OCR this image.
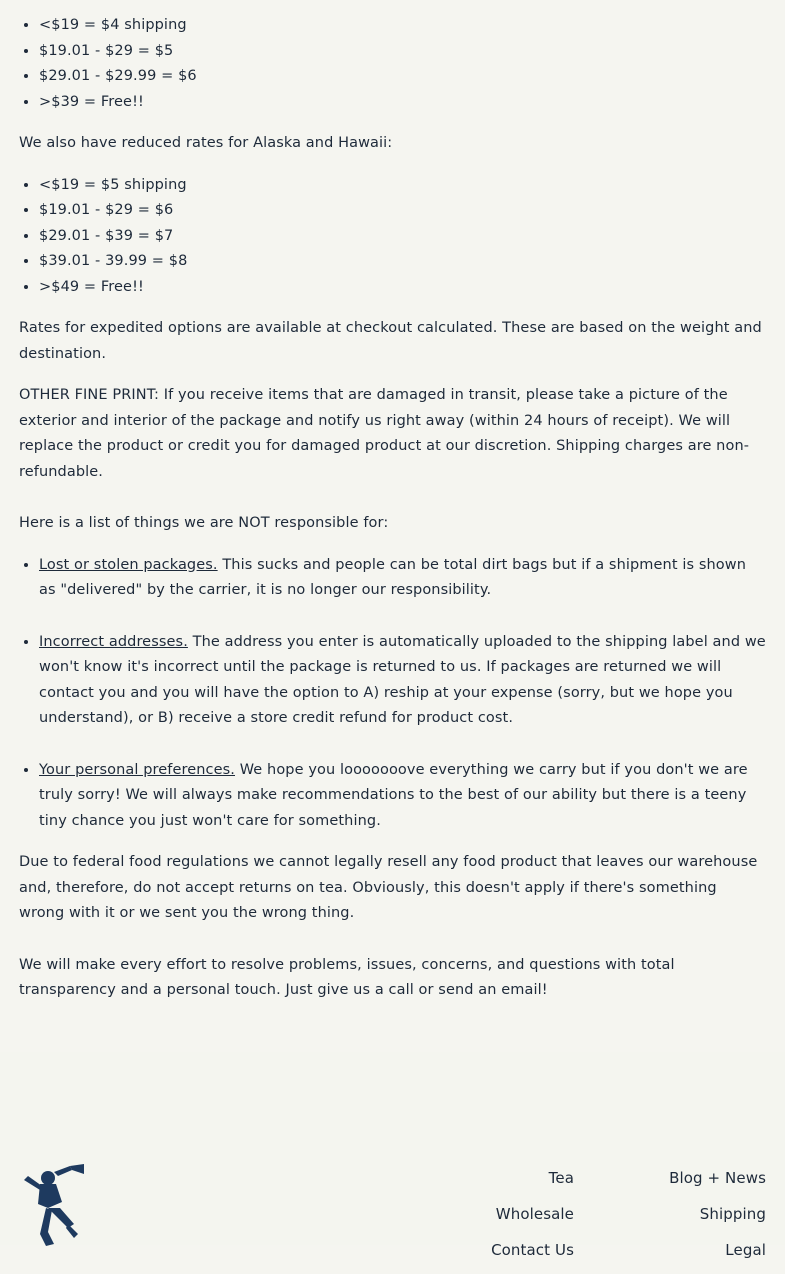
• <$19 = $4 shipping
• $19.01 - $29 = $5
• $29.01 - $29.99 = $6
• >$39 = Free!!

We also have reduced rates for Alaska and Hawaii:

• <$19 = $5 shipping
• $19.01 - $29 = $6
• $29.01 - $39 = $7
• $39.01 - 39.99 = $8
• >$49 = Free!!

Rates for expedited options are available at checkout calculated. These are based on the weight and destination.

OTHER FINE PRINT: If you receive items that are damaged in transit, please take a picture of the exterior and interior of the package and notify us right away (within 24 hours of receipt). We will replace the product or credit you for damaged product at our discretion. Shipping charges are non-refundable.

Here is a list of things we are NOT responsible for:

• Lost or stolen packages. This sucks and people can be total dirt bags but if a shipment is shown as "delivered" by the carrier, it is no longer our responsibility.
• Incorrect addresses. The address you enter is automatically uploaded to the shipping label and we won't know it's incorrect until the package is returned to us. If packages are returned we will contact you and you will have the option to A) reship at your expense (sorry, but we hope you understand), or B) receive a store credit refund for product cost.
• Your personal preferences. We hope you looooooove everything we carry but if you don't we are truly sorry! We will always make recommendations to the best of our ability but there is a teeny tiny chance you just won't care for something.

Due to federal food regulations we cannot legally resell any food product that leaves our warehouse and, therefore, do not accept returns on tea. Obviously, this doesn't apply if there's something wrong with it or we sent you the wrong thing.

We will make every effort to resolve problems, issues, concerns, and questions with total transparency and a personal touch. Just give us a call or send an email!

Tea
Wholesale
Contact Us
Blog + News
Shipping
Legal
